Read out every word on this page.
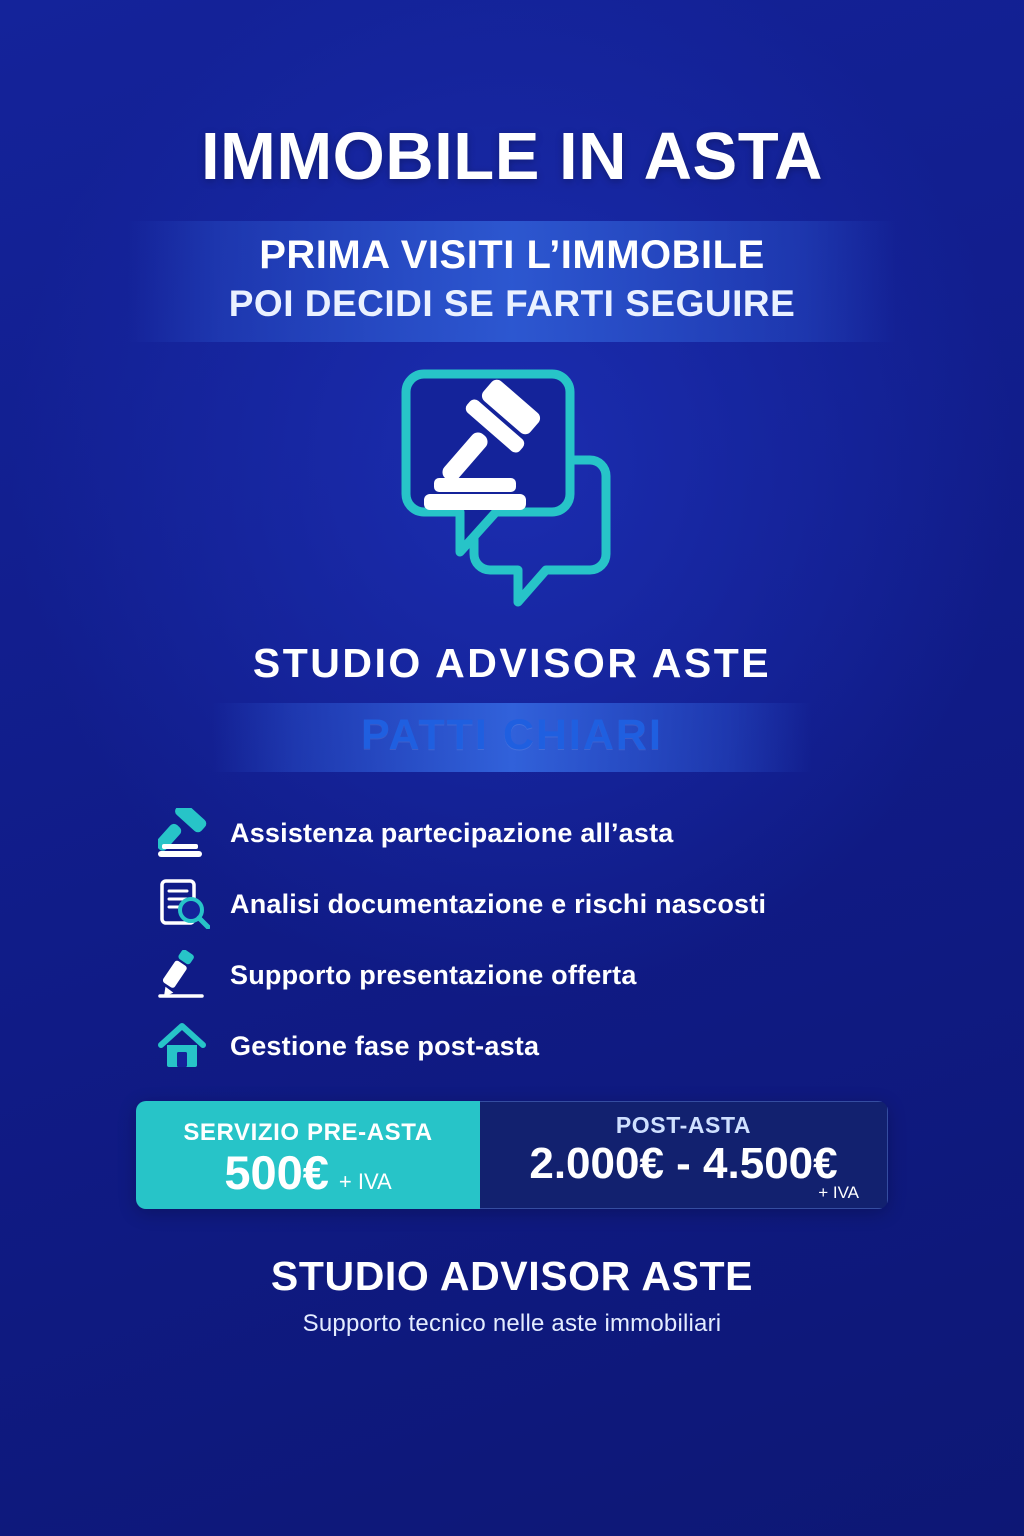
IMMOBILE IN ASTA
PRIMA VISITI L’IMMOBILE
POI DECIDI SE FARTI SEGUIRE
STUDIO ADVISOR ASTE
PATTI CHIARI
Assistenza partecipazione all’asta
Analisi documentazione e rischi nascosti
Supporto presentazione offerta
Gestione fase post-asta
SERVIZIO PRE-ASTA
500€ + IVA
POST-ASTA
2.000€ - 4.500€
+ IVA
STUDIO ADVISOR ASTE
Supporto tecnico nelle aste immobiliari
